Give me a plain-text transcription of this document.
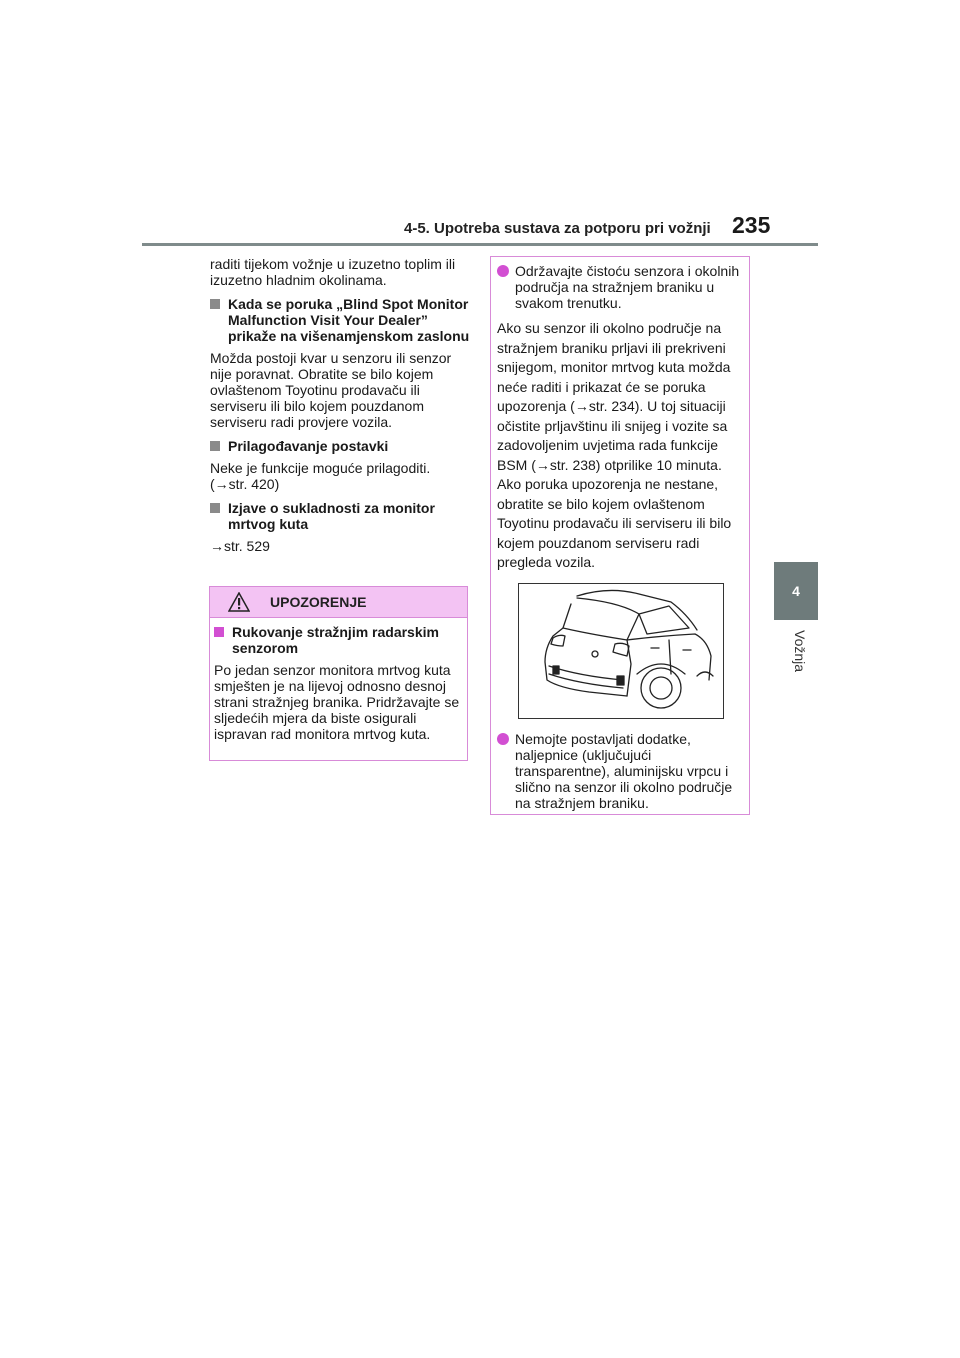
4-5. Upotreba sustava za potporu pri vožnji 235
4
Vožnja

raditi tijekom vožnje u izuzetno toplim ili izuzetno hladnim okolinama.

Kada se poruka „Blind Spot Monitor Malfunction Visit Your Dealer” prikaže na višenamjenskom zaslonu

Možda postoji kvar u senzoru ili senzor nije poravnat. Obratite se bilo kojem ovlaštenom Toyotinu prodavaču ili serviseru ili bilo kojem pouzdanom serviseru radi provjere vozila.

Prilagođavanje postavki

Neke je funkcije moguće prilagoditi. (→str. 420)

Izjave o sukladnosti za monitor mrtvog kuta

→str. 529

UPOZORENJE
Rukovanje stražnjim radarskim senzorom

Po jedan senzor monitora mrtvog kuta smješten je na lijevoj odnosno desnoj strani stražnjeg branika. Pridržavajte se sljedećih mjera da biste osigurali ispravan rad monitora mrtvog kuta.

Održavajte čistoću senzora i okolnih područja na stražnjem braniku u svakom trenutku.

Ako su senzor ili okolno područje na stražnjem braniku prljavi ili prekriveni snijegom, monitor mrtvog kuta možda neće raditi i prikazat će se poruka upozorenja (→str. 234). U toj situaciji očistite prljavštinu ili snijeg i vozite sa zadovoljenim uvjetima rada funkcije BSM (→str. 238) otprilike 10 minuta. Ako poruka upozorenja ne nestane, obratite se bilo kojem ovlaštenom Toyotinu prodavaču ili serviseru ili bilo kojem pouzdanom serviseru radi pregleda vozila.

Nemojte postavljati dodatke, naljepnice (uključujući transparentne), aluminijsku vrpcu i slično na senzor ili okolno područje na stražnjem braniku.
